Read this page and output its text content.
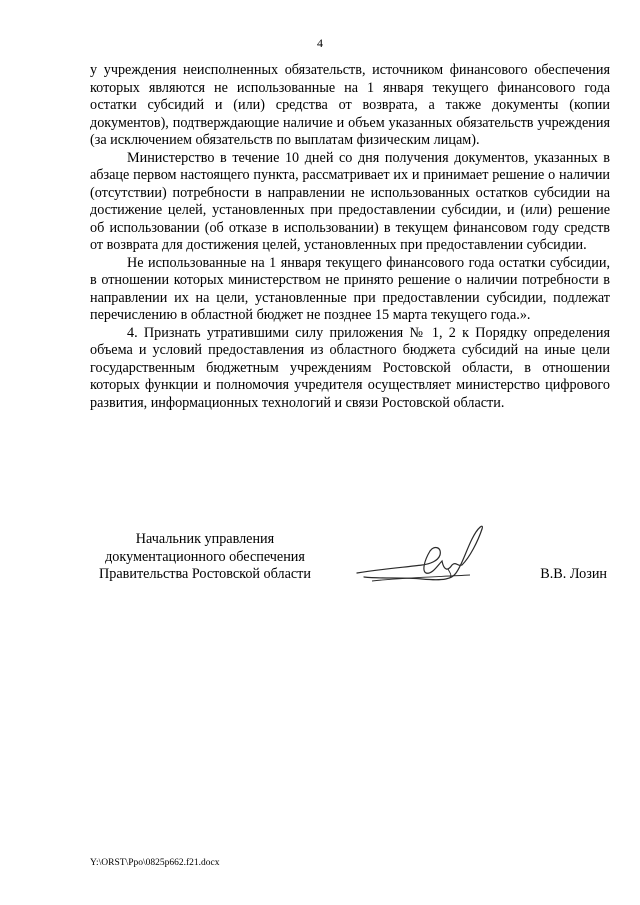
4

у учреждения неисполненных обязательств, источником финансового обеспечения которых являются не использованные на 1 января текущего финансового года остатки субсидий и (или) средства от возврата, а также документы (копии документов), подтверждающие наличие и объем указанных обязательств учреждения (за исключением обязательств по выплатам физическим лицам).

Министерство в течение 10 дней со дня получения документов, указанных в абзаце первом настоящего пункта, рассматривает их и принимает решение о наличии (отсутствии) потребности в направлении не использованных остатков субсидии на достижение целей, установленных при предоставлении субсидии, и (или) решение об использовании (об отказе в использовании) в текущем финансовом году средств от возврата для достижения целей, установленных при предоставлении субсидии.

Не использованные на 1 января текущего финансового года остатки субсидии, в отношении которых министерством не принято решение о наличии потребности в направлении их на цели, установленные при предоставлении субсидии, подлежат перечислению в областной бюджет не позднее 15 марта текущего года.».

4. Признать утратившими силу приложения № 1, 2 к Порядку определения объема и условий предоставления из областного бюджета субсидий на иные цели государственным бюджетным учреждениям Ростовской области, в отношении которых функции и полномочия учредителя осуществляет министерство цифрового развития, информационных технологий и связи Ростовской области.

Начальник управления
документационного обеспечения
Правительства Ростовской области	В.В. Лозин
Y:\ORST\Ppo\0825p662.f21.docx
